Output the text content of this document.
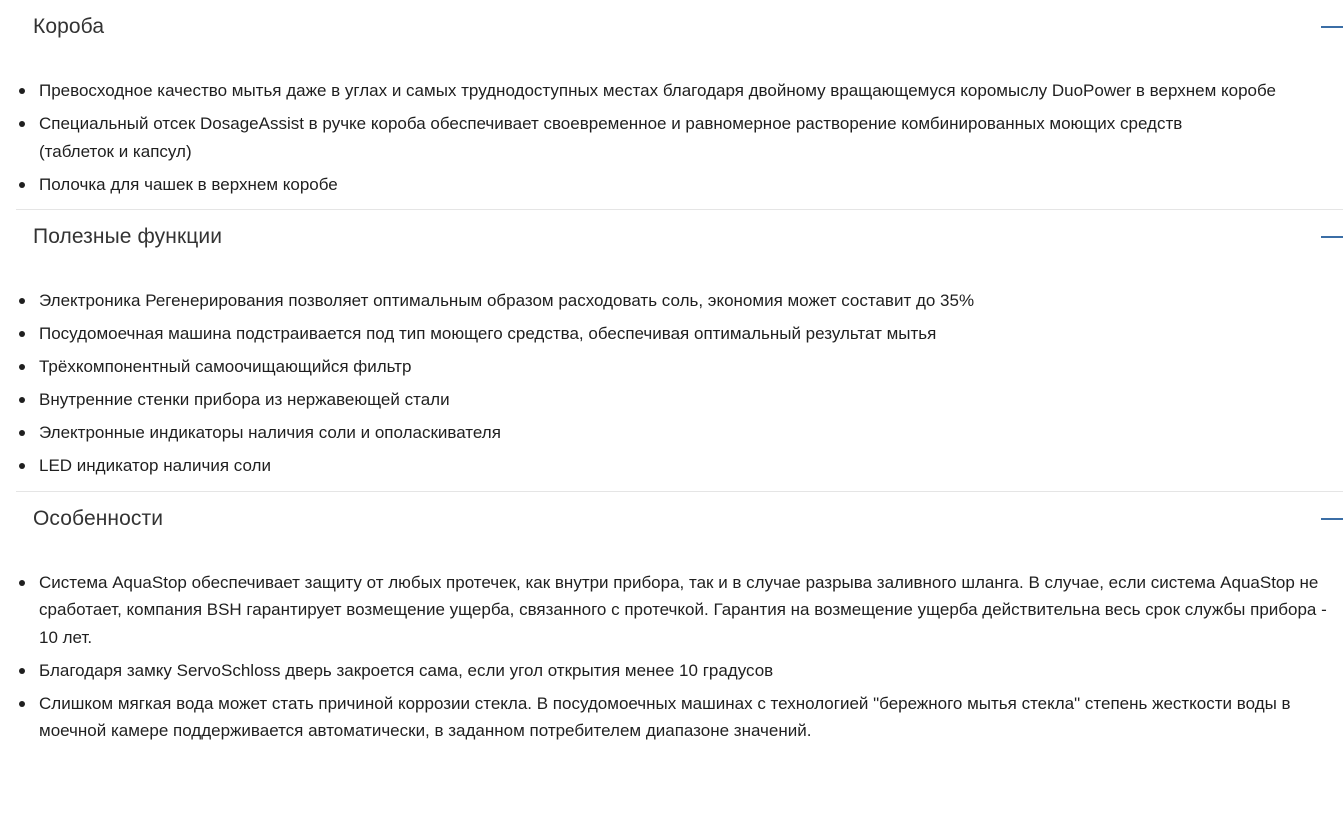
Короба
Превосходное качество мытья даже в углах и самых труднодоступных местах благодаря двойному вращающемуся коромыслу DuoPower в верхнем коробе
Специальный отсек DosageAssist в ручке короба обеспечивает своевременное и равномерное растворение комбинированных моющих средств
(таблеток и капсул)
Полочка для чашек в верхнем коробе
Полезные функции
Электроника Регенерирования позволяет оптимальным образом расходовать соль, экономия может составит до 35%
Посудомоечная машина подстраивается под тип моющего средства, обеспечивая оптимальный результат мытья
Трёхкомпонентный самоочищающийся фильтр
Внутренние стенки прибора из нержавеющей стали
Электронные индикаторы наличия соли и ополаскивателя
LED индикатор наличия соли
Особенности
Система AquaStop обеспечивает защиту от любых протечек, как внутри прибора, так и в случае разрыва заливного шланга. В случае, если система AquaStop не сработает, компания BSH гарантирует возмещение ущерба, связанного с протечкой. Гарантия на возмещение ущерба действительна весь срок службы прибора - 10 лет.
Благодаря замку ServoSchloss дверь закроется сама, если угол открытия менее 10 градусов
Слишком мягкая вода может стать причиной коррозии стекла. В посудомоечных машинах с технологией "бережного мытья стекла" степень жесткости воды в моечной камере поддерживается автоматически, в заданном потребителем диапазоне значений.
